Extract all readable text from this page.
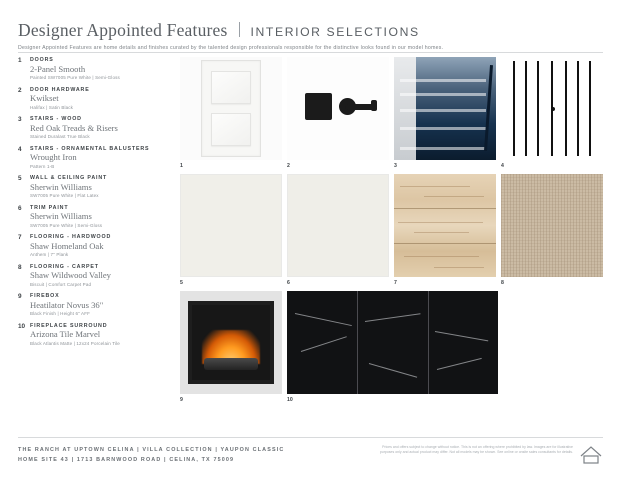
Designer Appointed Features INTERIOR SELECTIONS
Designer Appointed Features are home details and finishes curated by the talented design professionals responsible for the distinctive looks found in our model homes.
1 DOORS
2-Panel Smooth
Painted SW7005 Pure White | Semi-Gloss
2 DOOR HARDWARE
Kwikset
Halifax | Satin Black
3 STAIRS - WOOD
Red Oak Treads & Risers
Stained Duralast True Black
4 STAIRS - ORNAMENTAL BALUSTERS
Wrought Iron
Pattern 1-B
5 WALL & CEILING PAINT
Sherwin Williams
SW7005 Pure White | Flat Latex
6 TRIM PAINT
Sherwin Williams
SW7005 Pure White | Semi-Gloss
7 FLOORING - HARDWOOD
Shaw Homeland Oak
Anthem | 7" Plank
8 FLOORING - CARPET
Shaw Wildwood Valley
Biscuit | Comfort Carpet Pad
9 FIREBOX
Heatilator Novus 36"
Black Finish | Height 6" AFF
10 FIREPLACE SURROUND
Arizona Tile Marvel
Black Atlantis Matte | 12x24 Porcelain Tile
1	2	3	4
5	6	7	8
9	10
THE RANCH AT UPTOWN CELINA | VILLA COLLECTION | YAUPON CLASSIC
HOME SITE 43 | 1713 BARNWOOD ROAD | CELINA, TX 75009
Prices and offers subject to change without notice. This is not an offering where prohibited by law. Images are for illustrative purposes only and actual product may differ. Not all models may be shown. See online or onsite sales consultants for details.
